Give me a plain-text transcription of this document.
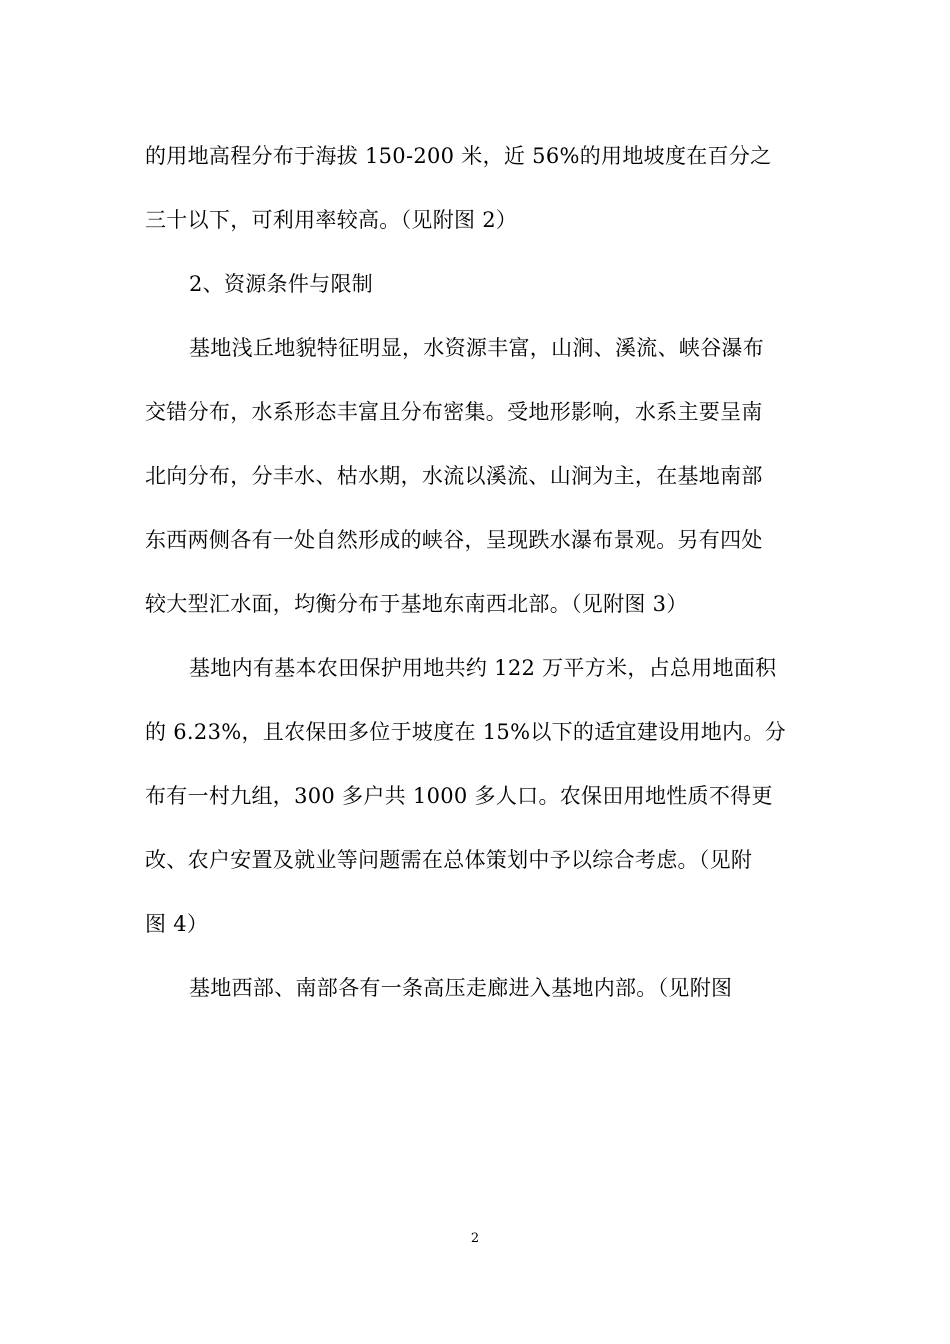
的用地高程分布于海拔 150-200 米，近 56%的用地坡度在百分之
三十以下，可利用率较高。（见附图 2）
2、资源条件与限制
基地浅丘地貌特征明显，水资源丰富，山涧、溪流、峡谷瀑布
交错分布，水系形态丰富且分布密集。受地形影响，水系主要呈南
北向分布，分丰水、枯水期，水流以溪流、山涧为主，在基地南部
东西两侧各有一处自然形成的峡谷，呈现跌水瀑布景观。另有四处
较大型汇水面，均衡分布于基地东南西北部。（见附图 3）
基地内有基本农田保护用地共约 122 万平方米，占总用地面积
的 6.23%，且农保田多位于坡度在 15%以下的适宜建设用地内。分
布有一村九组，300 多户共 1000 多人口。农保田用地性质不得更
改、农户安置及就业等问题需在总体策划中予以综合考虑。（见附
图 4）
基地西部、南部各有一条高压走廊进入基地内部。（见附图
2
